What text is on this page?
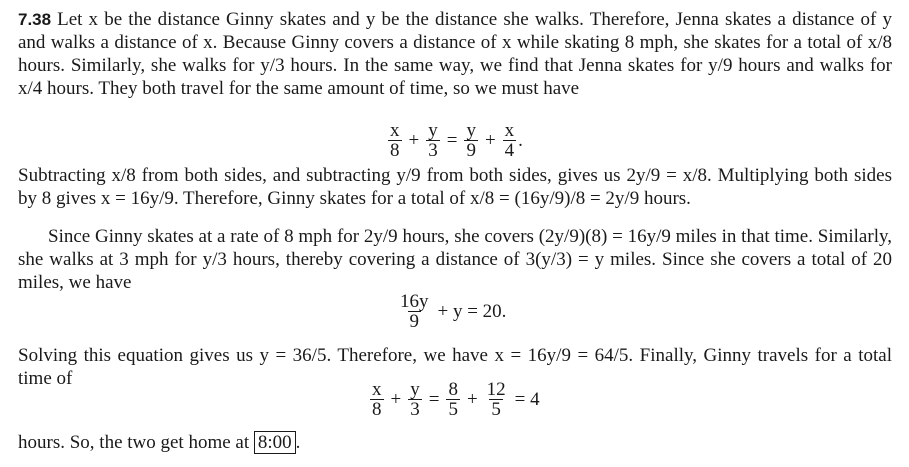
7.38 Let x be the distance Ginny skates and y be the distance she walks. Therefore, Jenna skates a distance of y and walks a distance of x. Because Ginny covers a distance of x while skating 8 mph, she skates for a total of x/8 hours. Similarly, she walks for y/3 hours. In the same way, we find that Jenna skates for y/9 hours and walks for x/4 hours. They both travel for the same amount of time, so we must have

$\frac{x}{8} + \frac{y}{3} = \frac{y}{9} + \frac{x}{4}$ .

Subtracting x/8 from both sides, and subtracting y/9 from both sides, gives us 2y/9 = x/8. Multiplying both sides by 8 gives x = 16y/9. Therefore, Ginny skates for a total of x/8 = (16y/9)/8 = 2y/9 hours.

Since Ginny skates at a rate of 8 mph for 2y/9 hours, she covers (2y/9)(8) = 16y/9 miles in that time. Similarly, she walks at 3 mph for y/3 hours, thereby covering a distance of 3(y/3) = y miles. Since she covers a total of 20 miles, we have

$\frac{16y}{9} + y = 20$.

Solving this equation gives us y = 36/5. Therefore, we have x = 16y/9 = 64/5. Finally, Ginny travels for a total time of

$\frac{x}{8} + \frac{y}{3} = \frac{8}{5} + \frac{12}{5} = 4$

hours. So, the two get home at 8:00 .
